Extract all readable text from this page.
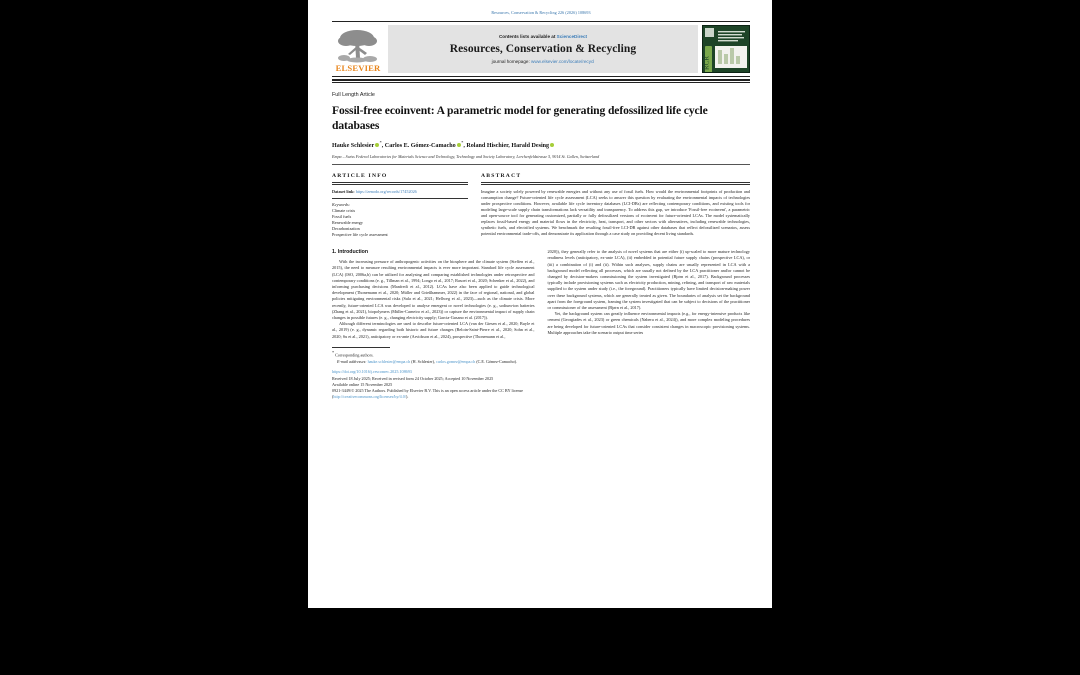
Resources, Conservation & Recycling 226 (2026) 108693
ELSEVIER
Contents lists available at ScienceDirect
Resources, Conservation & Recycling
journal homepage: www.elsevier.com/locate/recycl	RCR
Full Length Article
Fossil-free ecoinvent: A parametric model for generating defossilized life cycle databases
Hauke Schlesier*, Carlos E. Gómez-Camacho*, Roland Hischier, Harald Desing
Empa – Swiss Federal Laboratories for Materials Science and Technology, Technology and Society Laboratory, Lerchenfeldstrasse 5, 9014 St. Gallen, Switzerland
ARTICLE INFO
Dataset link: https://zenodo.org/records/17452026
Keywords:
Climate crisis
Fossil fuels
Renewable energy
Decarbonization
Prospective life cycle assessment
ABSTRACT
Imagine a society solely powered by renewable energies and without any use of fossil fuels. How would the environmental footprints of production and consumption change? Future-oriented life cycle assessment (LCA) seeks to answer this question by evaluating the environmental impacts of technologies under prospective conditions. However, available life cycle inventory databases (LCI-DBs) are reflecting contemporary conditions, and existing tools for modeling large-scale supply chain transformations lack versatility and transparency. To address this gap, we introduce 'Fossil-free ecoinvent', a parametric and open-source tool for generating customized, partially or fully defossilized versions of ecoinvent for future-oriented LCAs. The model systematically replaces fossil-based energy and material flows in the electricity, heat, transport, and other sectors with alternatives, including renewable technologies, synthetic fuels, and electrified systems. We benchmark the resulting fossil-free LCI-DB against other databases that reflect defossilized scenarios, assess potential environmental trade-offs, and demonstrate its application through a case study on providing decent living standards.
1. Introduction

With the increasing pressure of anthropogenic activities on the biosphere and the climate system (Steffen et al., 2015), the need to measure resulting environmental impacts is ever more important. Standard life cycle assessment (LCA) (ISO, 2006a,b) can be utilized for analysing and comparing established technologies under retrospective and contemporary conditions (e. g., Tillman et al., 1994; Longo et al., 2017; Rasoei et al., 2020; Schenker et al., 2022), and informing purchasing decisions (Manfredi et al., 2012). LCAs have also been applied to guide technological development (Thonemann et al., 2020; Müller and Grießhammer, 2022) in the face of regional, national, and global policies mitigating environmental risks (Sala et al., 2021; Hellweg et al., 2023)—such as the climate crisis. More recently, future-oriented LCA was developed to analyse emergent or novel technologies (e. g., sodium-ion batteries (Zhang et al., 2021), biopolymers (Müller-Carneiro et al., 2023)) or capture the environmental impact of supply chain changes in possible futures (e. g., changing electricity supply; Garcia-Gusano et al. (2017)).

Although different terminologies are used to describe future-oriented LCA (van der Giesen et al., 2020; Buyle et al., 2019) (e. g., dynamic regarding both historic and future changes (Beloin-Saint-Pierre et al., 2020; Sohn et al., 2020; Su et al., 2021), anticipatory or ex-ante (Arvidsson et al., 2024), prospective (Thonemann et al.,

* Corresponding authors.
E-mail addresses: hauke.schlesier@empa.ch (H. Schlesier), carlos.gomez@empa.ch (C.E. Gómez-Camacho).
https://doi.org/10.1016/j.resconrec.2025.108693
Received 18 July 2025; Received in revised form 24 October 2025; Accepted 10 November 2025
Available online 15 November 2025
0921-3449/© 2025 The Authors. Published by Elsevier B.V. This is an open access article under the CC BY license (http://creativecommons.org/licenses/by/4.0/).

2020)), they generally refer to the analysis of novel systems that are either (i) up-scaled to more mature technology readiness levels (anticipatory, ex-ante LCA), (ii) embedded in potential future supply chains (prospective LCA), or (iii) a combination of (i) and (ii). Within such analyses, supply chains are usually represented in LCA with a background model reflecting all processes, which are usually not defined by the LCA practitioner and/or cannot be changed by decision-makers commissioning the system investigated (Bjørn et al., 2017). Background processes typically include provisioning systems such as electricity production, mining, refining, and transport of raw materials supplied to the system under study (i.e., the foreground). Practitioners typically have limited decision-making power over these background systems, which are generally treated as given. The boundaries of analysis set the background apart from the foreground system, framing the system investigated that can be subject to decisions of the practitioner or commissioner of the assessment (Bjørn et al., 2017).

Yet, the background system can greatly influence environmental impacts (e.g., for energy-intensive products like cement (Georgiades et al., 2023) or green chemicals (Nabera et al., 2024)), and more complex modeling procedures are being developed for future-oriented LCAs that consider consistent changes in macroscopic provisioning systems. Multiple approaches take the scenario output time series
